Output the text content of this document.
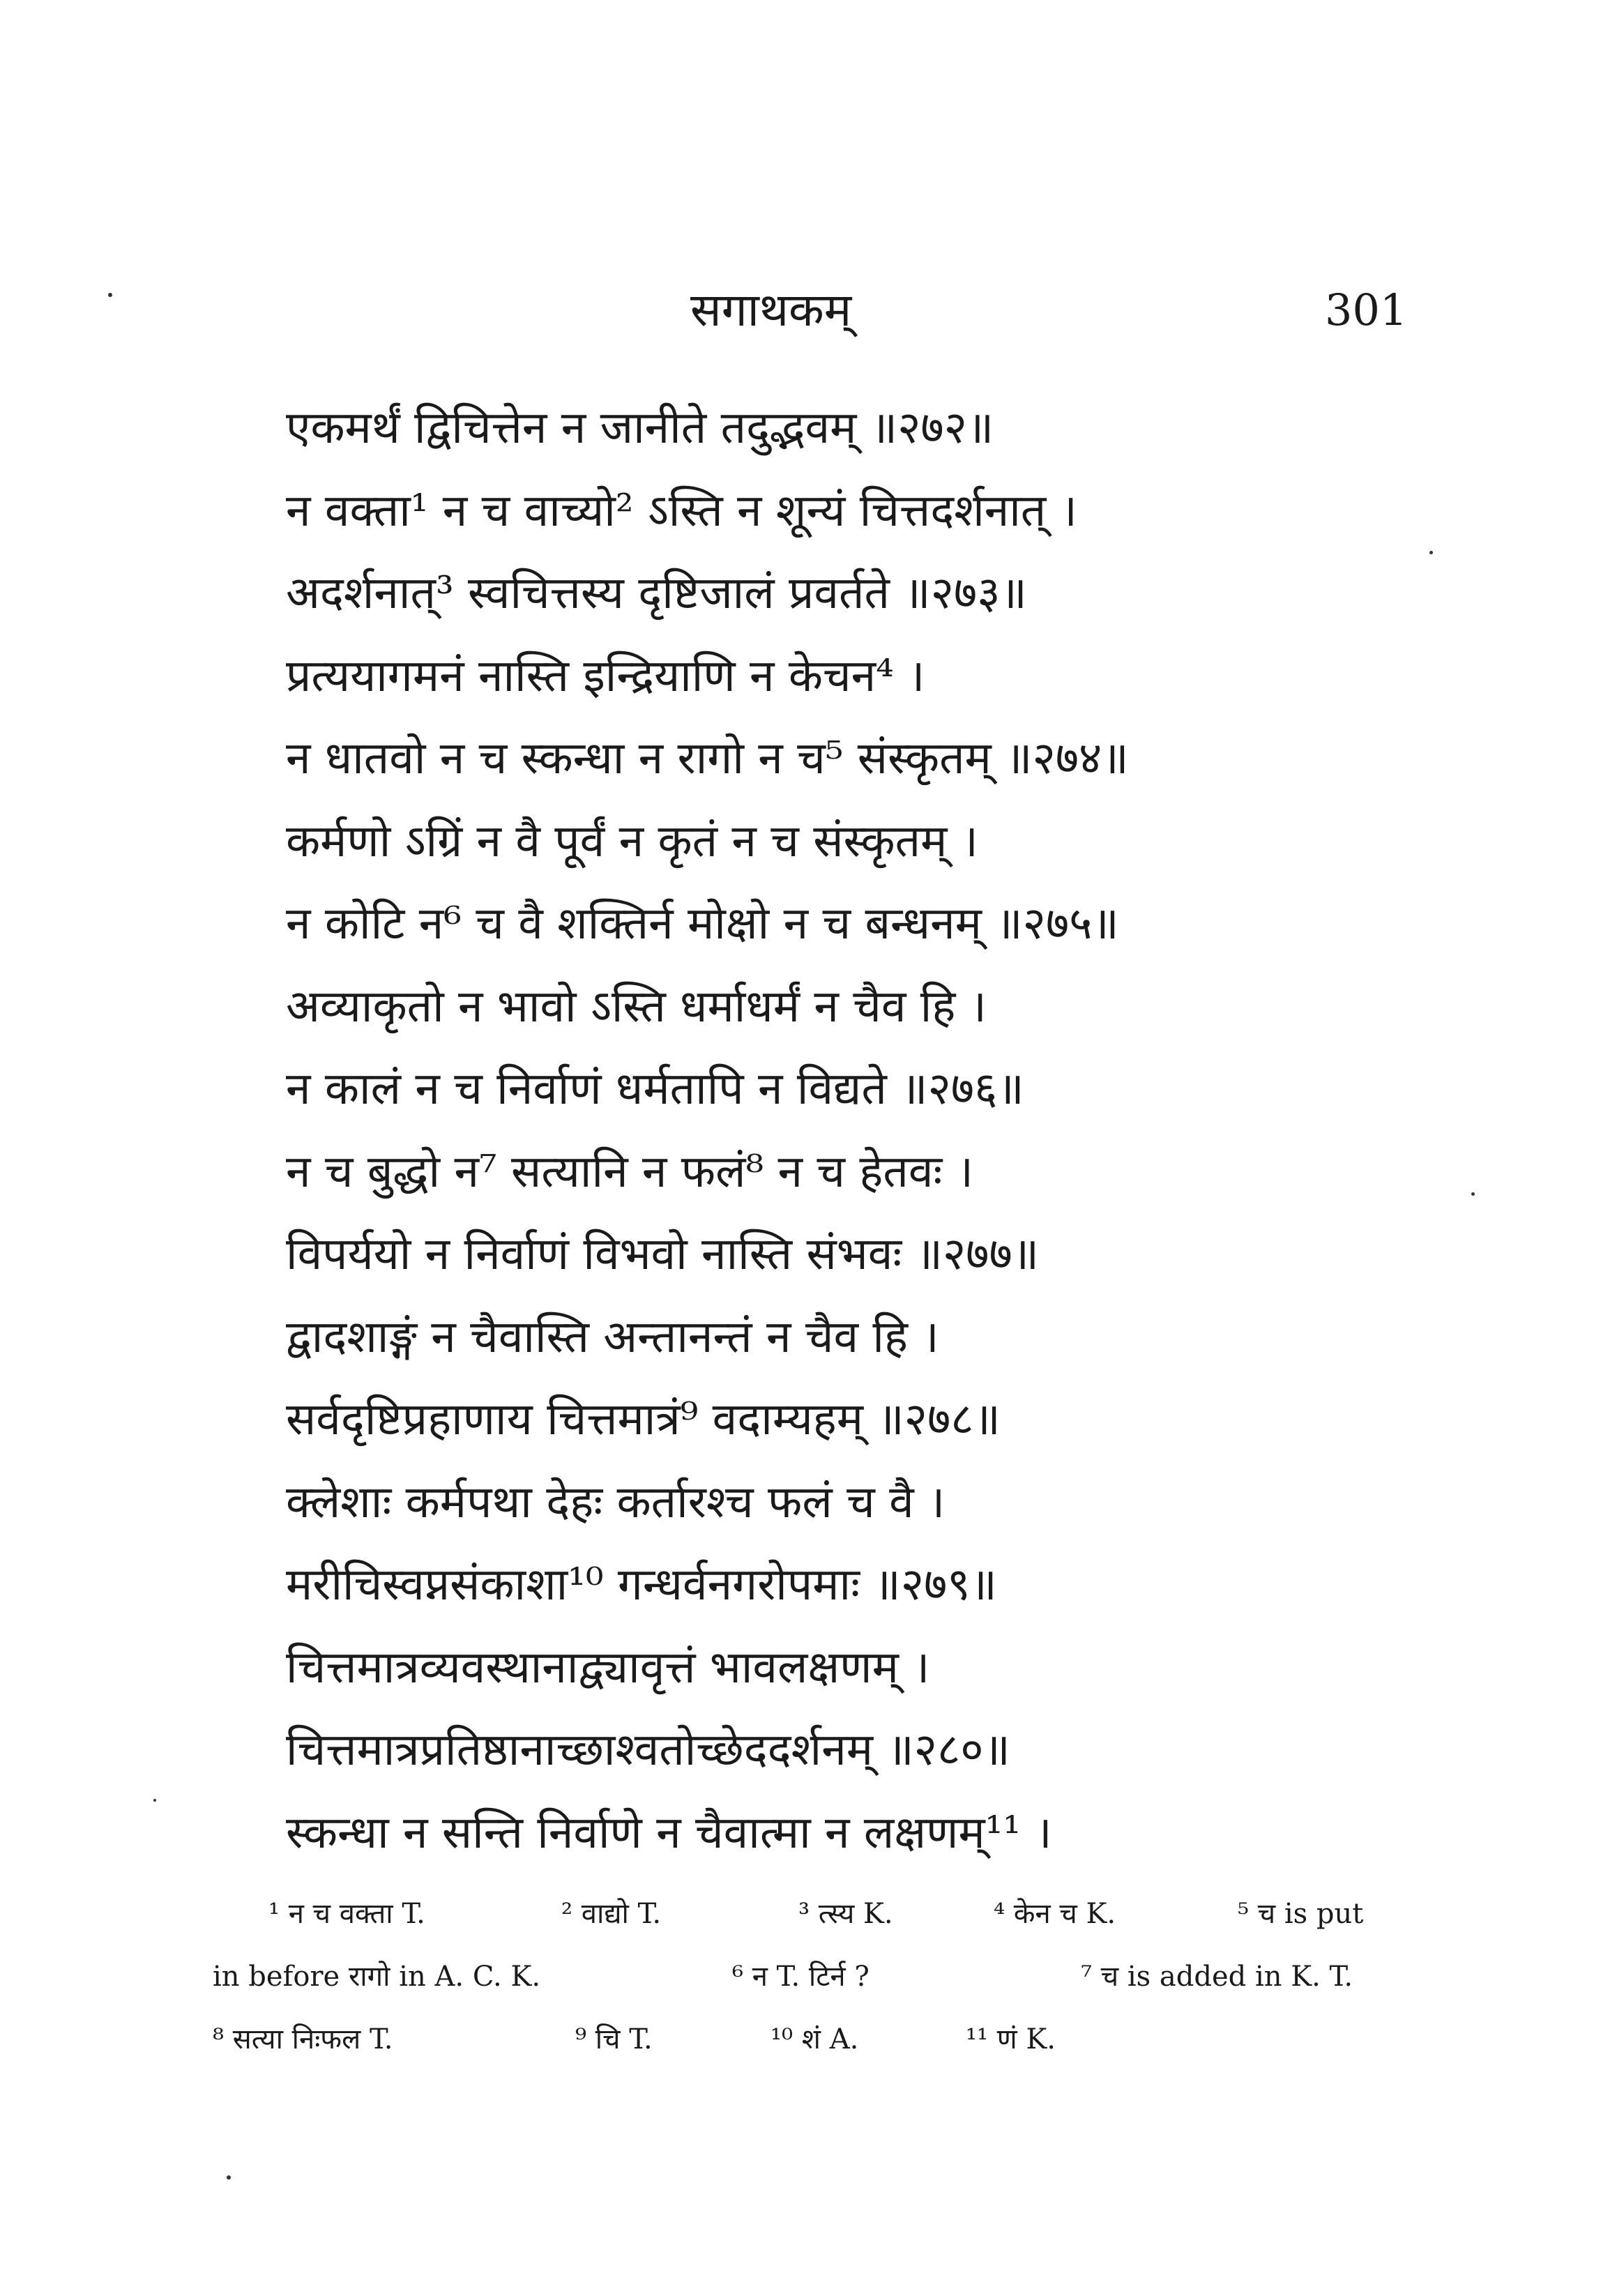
सगाथकम्	301
एकमर्थं द्विचित्तेन न जानीते तदुद्भवम् ॥२७२॥
न वक्ता¹ न च वाच्यो² ऽस्ति न शून्यं चित्तदर्शनात् ।
अदर्शनात्³ स्वचित्तस्य दृष्टिजालं प्रवर्तते ॥२७३॥
प्रत्ययागमनं नास्ति इन्द्रियाणि न केचन⁴ ।
न धातवो न च स्कन्धा न रागो न च⁵ संस्कृतम् ॥२७४॥
कर्मणो ऽग्रिं न वै पूर्वं न कृतं न च संस्कृतम् ।
न कोटि न⁶ च वै शक्तिर्न मोक्षो न च बन्धनम् ॥२७५॥
अव्याकृतो न भावो ऽस्ति धर्माधर्मं न चैव हि ।
न कालं न च निर्वाणं धर्मतापि न विद्यते ॥२७६॥
न च बुद्धो न⁷ सत्यानि न फलं⁸ न च हेतवः ।
विपर्ययो न निर्वाणं विभवो नास्ति संभवः ॥२७७॥
द्वादशाङ्गं न चैवास्ति अन्तानन्तं न चैव हि ।
सर्वदृष्टिप्रहाणाय चित्तमात्रं⁹ वदाम्यहम् ॥२७८॥
क्लेशाः कर्मपथा देहः कर्तारश्च फलं च वै ।
मरीचिस्वप्नसंकाशा¹⁰ गन्धर्वनगरोपमाः ॥२७९॥
चित्तमात्रव्यवस्थानाद्व्यावृत्तं भावलक्षणम् ।
चित्तमात्रप्रतिष्ठानाच्छाश्वतोच्छेददर्शनम् ॥२८०॥
स्कन्धा न सन्ति निर्वाणे न चैवात्मा न लक्षणम्¹¹ ।
¹ न च वक्ता T.	² वाद्यो T.	³ त्स्य K.	⁴ केन च K.	⁵ च is put
in before रागो in A. C. K.	⁶ न T. टिर्न ?	⁷ च is added in K. T.
⁸ सत्या निःफल T.	⁹ चि T.	¹⁰ शं A.	¹¹ णं K.
